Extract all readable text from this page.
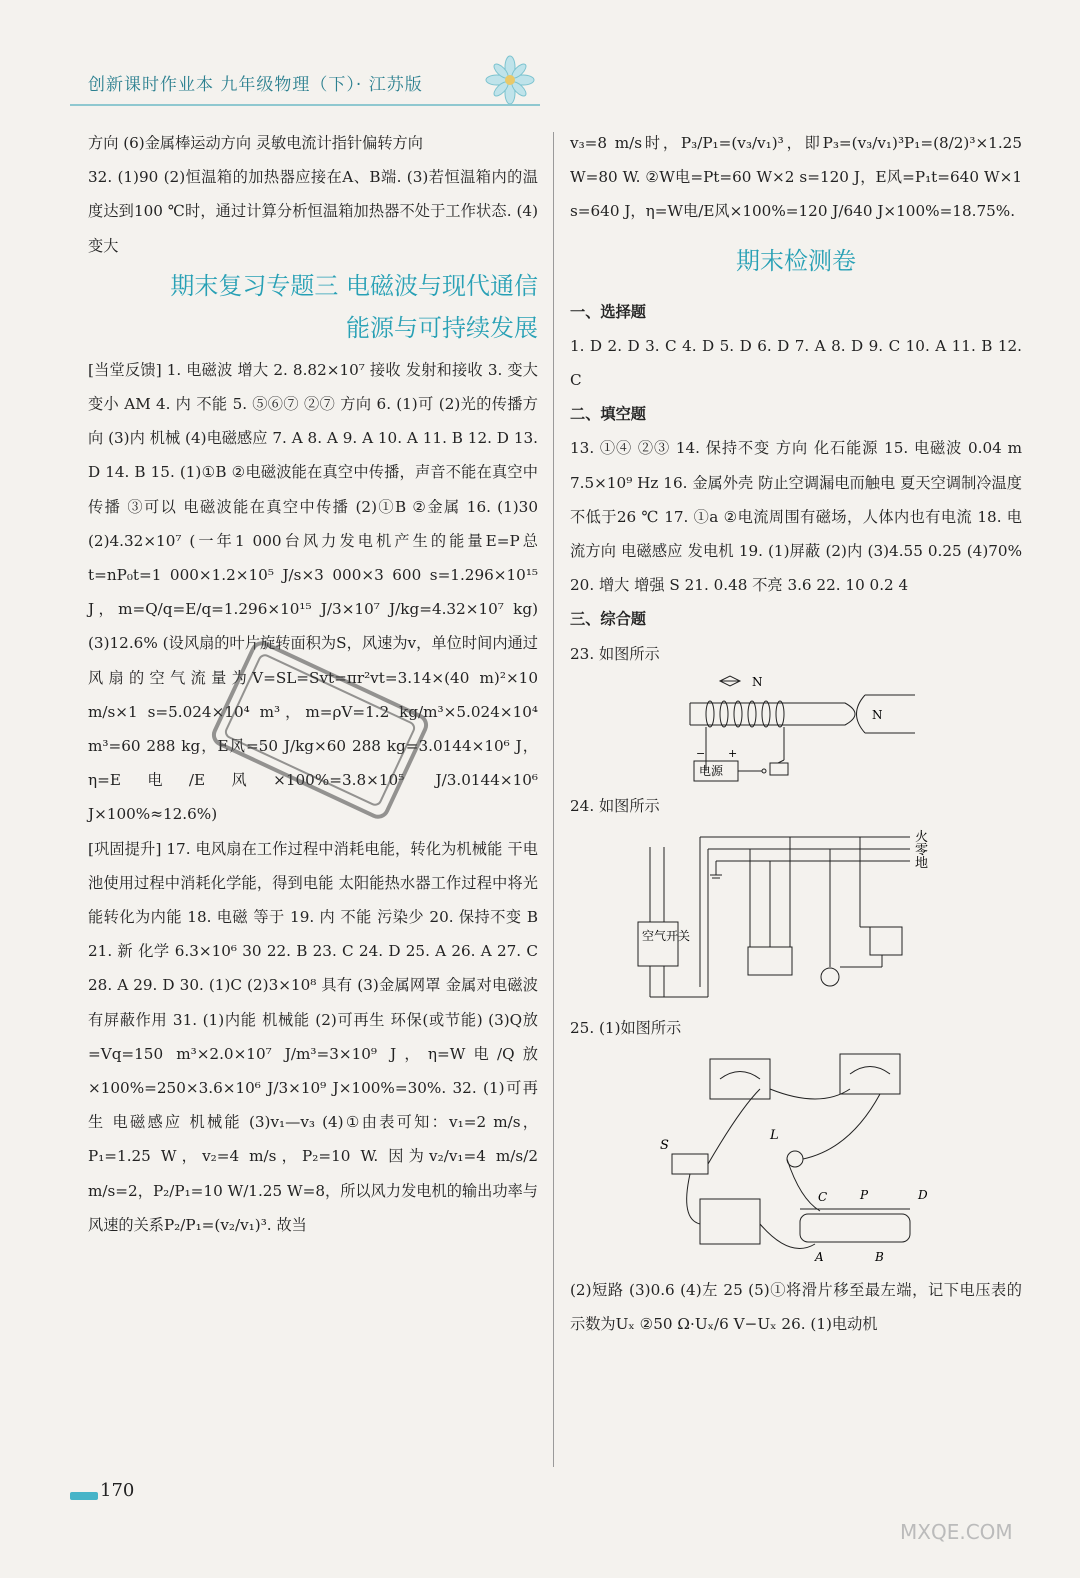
创新课时作业本 九年级物理（下）· 江苏版

方向 (6)金属棒运动方向 灵敏电流计指针偏转方向

32. (1)90 (2)恒温箱的加热器应接在A、B端. (3)若恒温箱内的温度达到100 ℃时，通过计算分析恒温箱加热器不处于工作状态. (4)变大

期末复习专题三 电磁波与现代通信
能源与可持续发展

[当堂反馈] 1. 电磁波 增大 2. 8.82×10⁷ 接收 发射和接收 3. 变大 变小 AM 4. 内 不能 5. ⑤⑥⑦ ②⑦ 方向 6. (1)可 (2)光的传播方向 (3)内 机械 (4)电磁感应 7. A 8. A 9. A 10. A 11. B 12. D 13. D 14. B 15. (1)①B ②电磁波能在真空中传播，声音不能在真空中传播 ③可以 电磁波能在真空中传播 (2)①B ②金属 16. (1)30 (2)4.32×10⁷ (一年1 000台风力发电机产生的能量E=P总t=nP₀t=1 000×1.2×10⁵ J/s×3 000×3 600 s=1.296×10¹⁵ J，m=Q/q=E/q=1.296×10¹⁵ J/3×10⁷ J/kg=4.32×10⁷ kg) (3)12.6% (设风扇的叶片旋转面积为S，风速为v，单位时间内通过风扇的空气流量为V=SL=Svt=πr²vt=3.14×(40 m)²×10 m/s×1 s=5.024×10⁴ m³，m=ρV=1.2 kg/m³×5.024×10⁴ m³=60 288 kg，E风=50 J/kg×60 288 kg=3.0144×10⁶ J，η=E电/E风×100%=3.8×10⁵ J/3.0144×10⁶ J×100%≈12.6%)

[巩固提升] 17. 电风扇在工作过程中消耗电能，转化为机械能 干电池使用过程中消耗化学能，得到电能 太阳能热水器工作过程中将光能转化为内能 18. 电磁 等于 19. 内 不能 污染少 20. 保持不变 B 21. 新 化学 6.3×10⁶ 30 22. B 23. C 24. D 25. A 26. A 27. C 28. A 29. D 30. (1)C (2)3×10⁸ 具有 (3)金属网罩 金属对电磁波有屏蔽作用 31. (1)内能 机械能 (2)可再生 环保(或节能) (3)Q放=Vq=150 m³×2.0×10⁷ J/m³=3×10⁹ J，η=W电/Q放×100%=250×3.6×10⁶ J/3×10⁹ J×100%=30%. 32. (1)可再生 电磁感应 机械能 (3)v₁—v₃ (4)①由表可知：v₁=2 m/s，P₁=1.25 W，v₂=4 m/s，P₂=10 W. 因为v₂/v₁=4 m/s/2 m/s=2，P₂/P₁=10 W/1.25 W=8，所以风力发电机的输出功率与风速的关系P₂/P₁=(v₂/v₁)³. 故当

v₃=8 m/s时，P₃/P₁=(v₃/v₁)³，即P₃=(v₃/v₁)³P₁=(8/2)³×1.25 W=80 W. ②W电=Pt=60 W×2 s=120 J，E风=P₁t=640 W×1 s=640 J，η=W电/E风×100%=120 J/640 J×100%=18.75%.

期末检测卷

一、选择题

1. D 2. D 3. C 4. D 5. D 6. D 7. A 8. D 9. C 10. A 11. B 12. C

二、填空题

13. ①④ ②③ 14. 保持不变 方向 化石能源 15. 电磁波 0.04 m 7.5×10⁹ Hz 16. 金属外壳 防止空调漏电而触电 夏天空调制冷温度不低于26 ℃ 17. ①a ②电流周围有磁场，人体内也有电流 18. 电流方向 电磁感应 发电机 19. (1)屏蔽 (2)内 (3)4.55 0.25 (4)70% 20. 增大 增强 S 21. 0.48 不亮 3.6 22. 10 0.2 4

三、综合题

23. 如图所示

N
N
电源
− +

24. 如图所示

火
零
地
空气开关

25. (1)如图所示

S
L
C	P	D
A	B

(2)短路 (3)0.6 (4)左 25 (5)①将滑片移至最左端，记下电压表的示数为Uₓ ②50 Ω·Uₓ/6 V−Uₓ 26. (1)电动机

170
MXQE.COM
